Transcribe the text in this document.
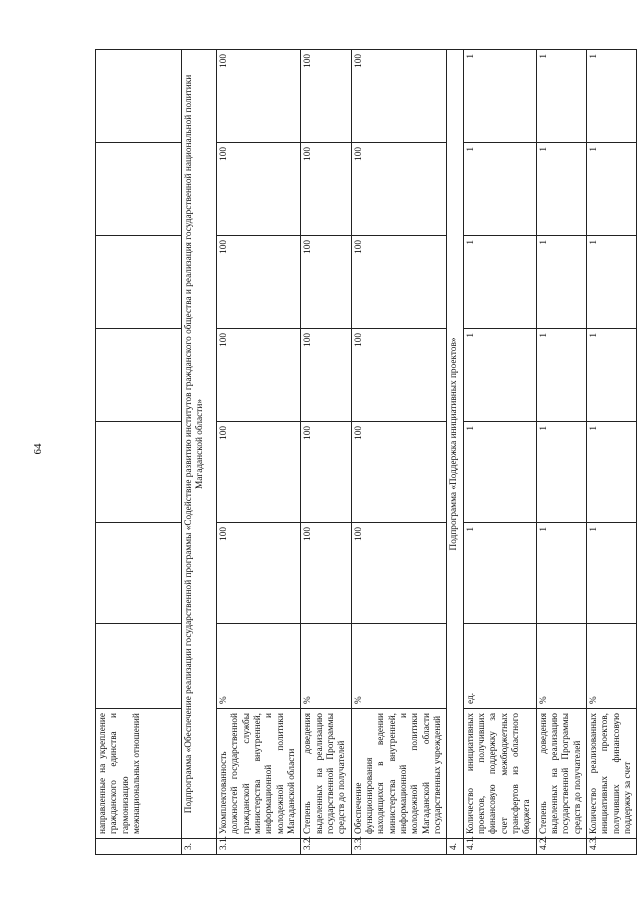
64
	направленные на укрепление гражданского единства и гармонизацию межнациональных отношений							
3.	Подпрограмма «Обеспечение реализации государственной программы «Содействие развитию институтов гражданского общества и реализация государственной национальной политики Магаданской области»							
3.1.	Укомплектованность должностей государственной гражданской службы министерства внутренней, информационной и молодежной политики Магаданской области	%	100	100	100	100	100	100
3.2.	Степень доведения выделенных на реализацию государственной Программы средств до получателей	%	100	100	100	100	100	100
3.3.	Обеспечение функционирования находящихся в ведении министерства внутренней, информационной и молодежной политики Магаданской области государственных учреждений	%	100	100	100	100	100	100
4.	Подпрограмма «Поддержка инициативных проектов»							
4.1.	Количество инициативных проектов, получивших финансовую поддержку за счет межбюджетных трансфертов из областного бюджета	ед.	1	1	1	1	1	1
4.2.	Степень доведения выделенных на реализацию государственной Программы средств до получателей	%	1	1	1	1	1	1
4.3.	Количество реализованных инициативных проектов, получивших финансовую поддержку за счет	%	1	1	1	1	1	1
